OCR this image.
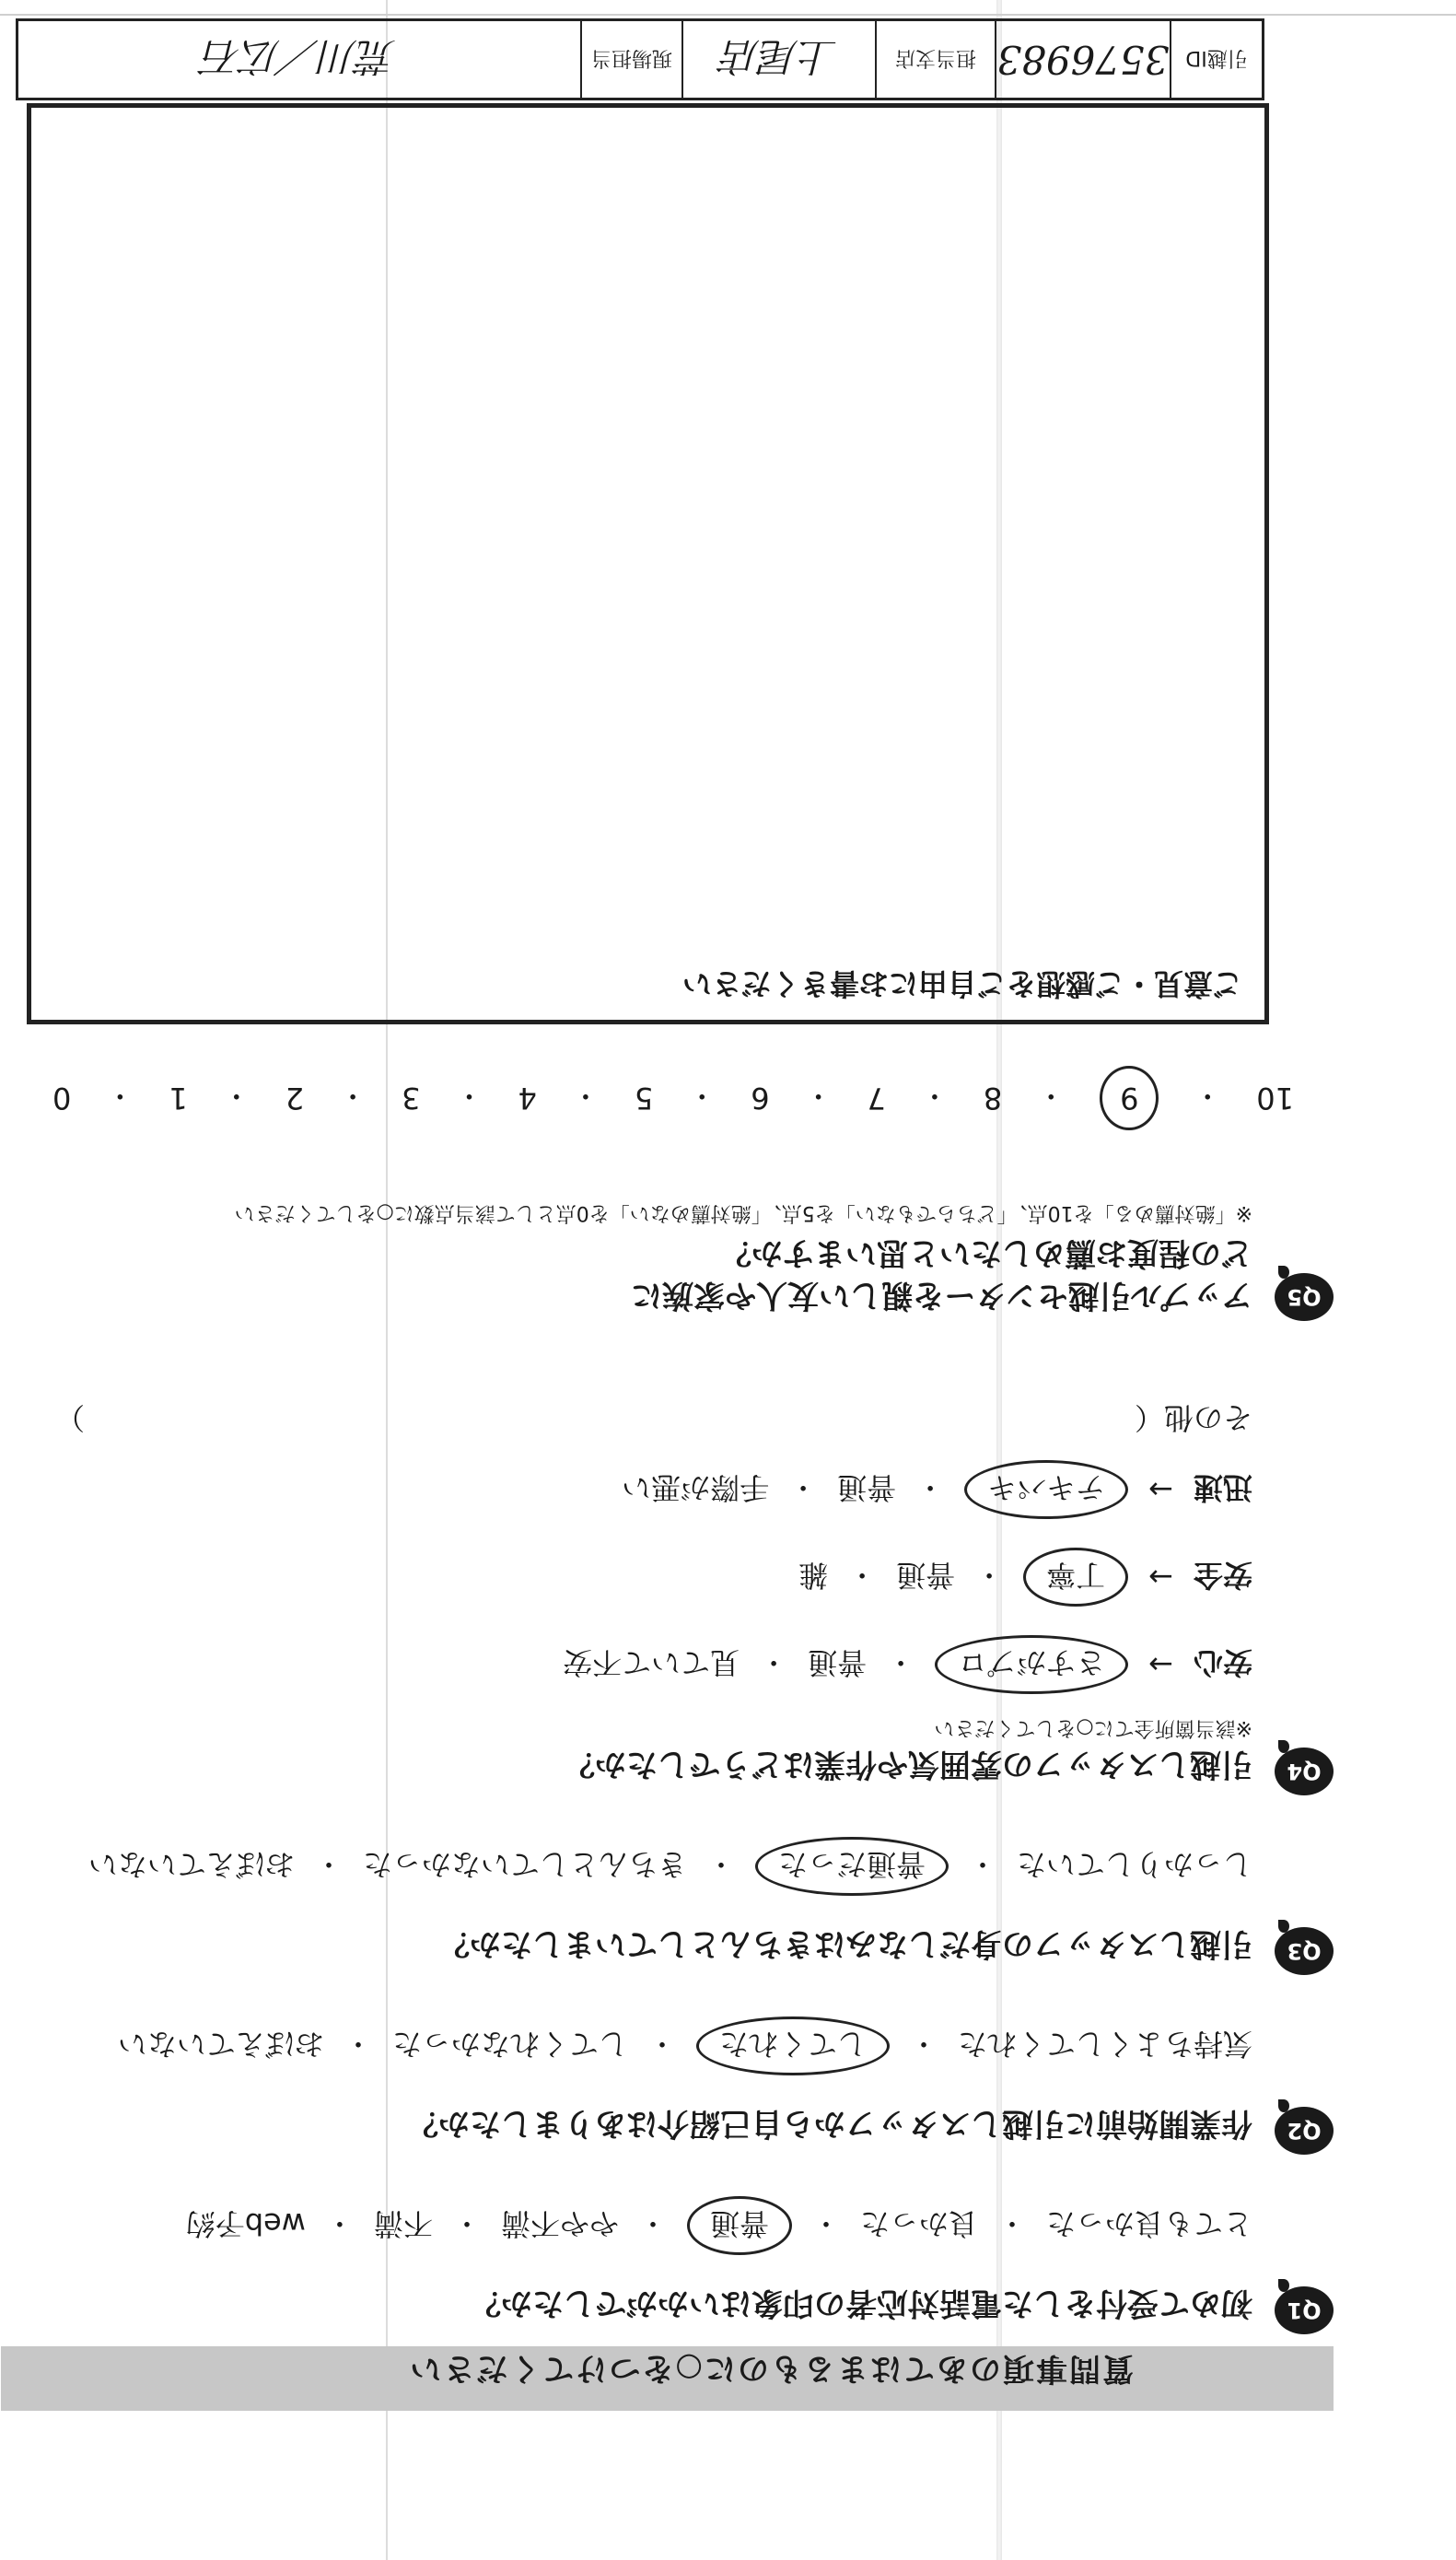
質問事項のあてはまるものに○をつけてください
Q1
初めて受付をした電話対応者の印象はいかがでしたか？
とても良かった
・
良かった
・
普通
・
やや不満
・
不満
・
web予約
Q2
作業開始前に引越しスタッフから自己紹介はありましたか？
気持ちよくしてくれた
・
してくれた
・
してくれなかった
・
おぼえていない
Q3
引越しスタッフの身だしなみはきちんとしていましたか？
しっかりしていた
・
普通だった
・
きちんとしていなかった
・
おぼえていない
Q4
引越しスタッフの雰囲気や作業はどうでしたか？
※該当箇所全てに○をしてください
安心
→
さすがプロ
・
普通
・
見ていて不安
安全
→
丁寧
・
普通
・
雑
迅速
→
テキパキ
・
普通
・
手際が悪い
その他（
）
Q5
アップル引越センターを親しい友人や家族に
どの程度お薦めしたいと思いますか？
※「絶対薦める」を10点、「どちらでもない」を5点、「絶対薦めない」を0点として該当点数に○をしてください
10
・
9
・
8
・
7
・
6
・
5
・
4
・
3
・
2
・
1
・
0
ご意見・ご感想をご自由にお書きください
引越ID
3576983
担当支店
上尾店
現場担当
荒川／広石
